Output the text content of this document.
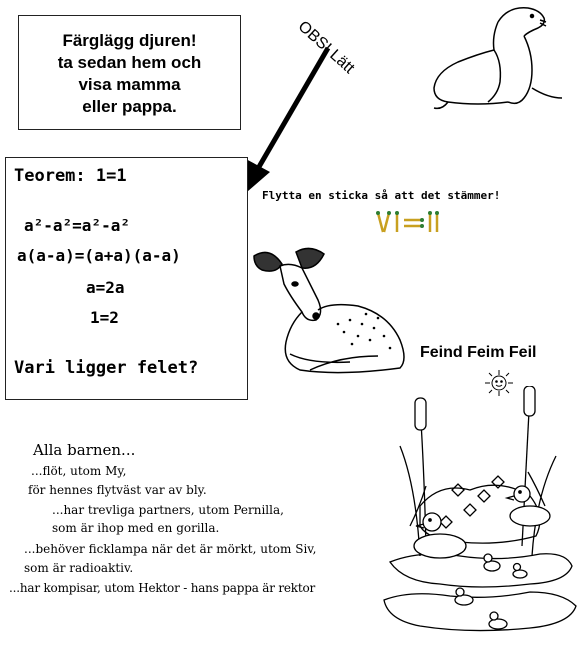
Färglägg djuren!
ta sedan hem och
visa mamma
eller pappa.
OBS! Lätt
Teorem: 1=1
a²-a²=a²-a²
a(a-a)=(a+a)(a-a)
a=2a
1=2
Vari ligger felet?
Flytta en sticka så att det stämmer!
Feind Feim Feil
Alla barnen...
...flöt, utom My,
för hennes flytväst var av bly.
...har trevliga partners, utom Pernilla,
som är ihop med en gorilla.
...behöver ficklampa när det är mörkt, utom Siv,
som är radioaktiv.
...har kompisar, utom Hektor - hans pappa är rektor
